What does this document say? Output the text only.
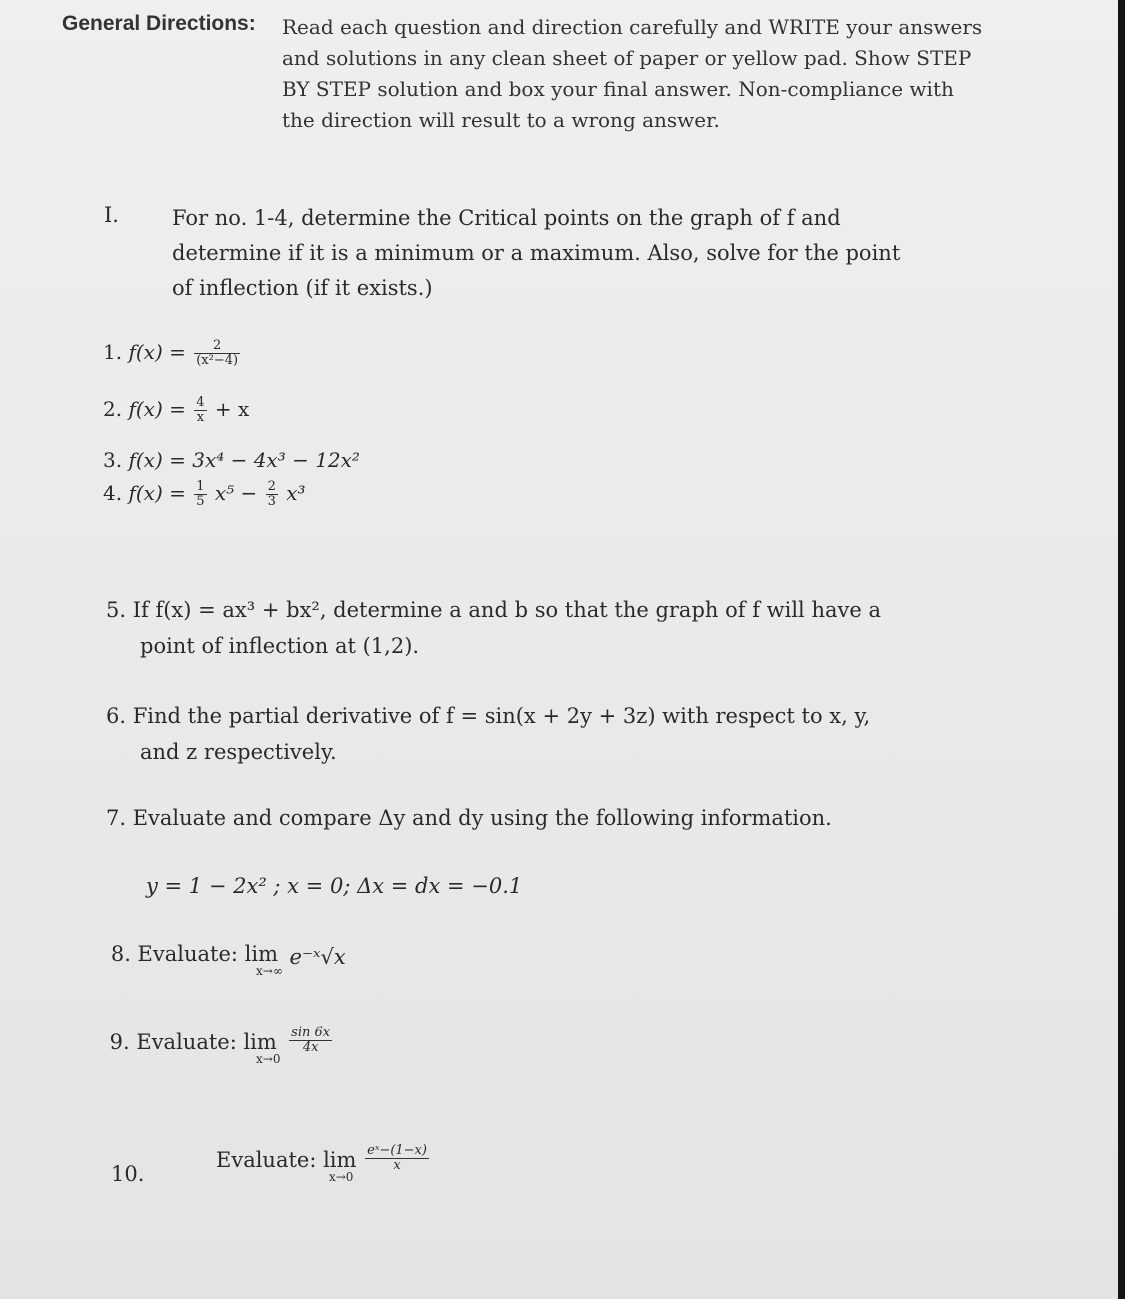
General Directions: Read each question and direction carefully and WRITE your answers
and solutions in any clean sheet of paper or yellow pad. Show STEP
BY STEP solution and box your final answer. Non-compliance with
the direction will result to a wrong answer.
I.	For no. 1-4, determine the Critical points on the graph of f and
determine if it is a minimum or a maximum. Also, solve for the point
of inflection (if it exists.)
1. $f(x) = \frac{2}{\text{(x²−4)}}$
2. $f(x) = \frac{4}{x} + x$
3. f(x) = 3x⁴ − 4x³ − 12x²
4. $f(x) = \frac{1}{5} x^5 - \frac{2}{3} x^3$
5. If f(x) = ax³ + bx², determine a and b so that the graph of f will have a
point of inflection at (1,2).
6. Find the partial derivative of f = sin(x + 2y + 3z) with respect to x, y,
and z respectively.
7. Evaluate and compare Δy and dy using the following information.
y = 1 − 2x² ; x = 0; Δx = dx = −0.1
8. Evaluate: lim
x→∞
e⁻ˣ√x
9. Evaluate: lim
x→0

$\frac{\sin 6x}{4x}$
10.
Evaluate: lim
x→0

$\frac{\text{eˣ−(1−x)}}{x}$
